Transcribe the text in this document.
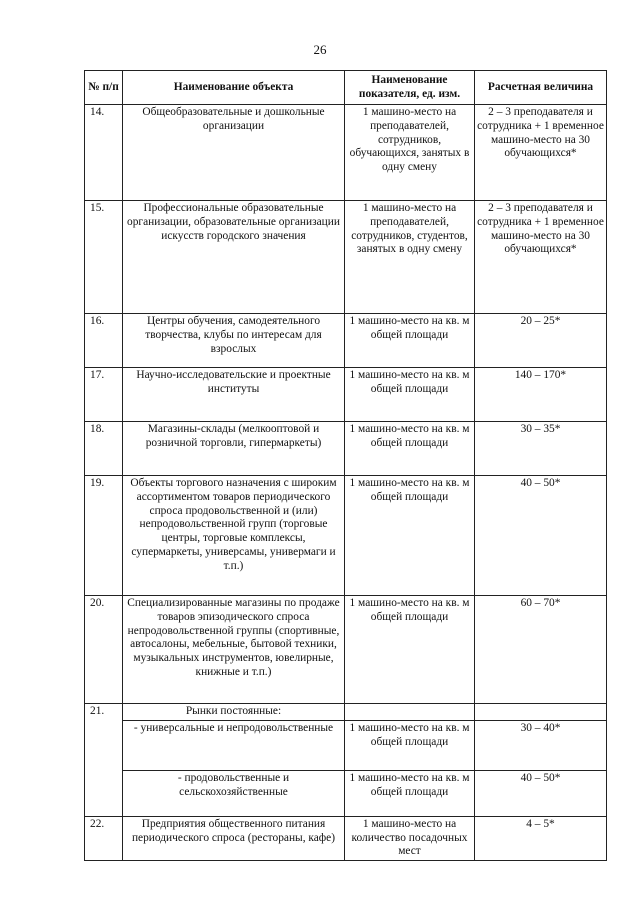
26
№ п/п	Наименование объекта	Наименование показателя, ед. изм.	Расчетная величина
14.	Общеобразовательные и дошкольные организации	1 машино-место на преподавателей, сотрудников, обучающихся, занятых в одну смену	2 – 3 преподавателя и сотрудника + 1 временное машино-место на 30 обучающихся*
15.	Профессиональные образовательные организации, образовательные организации искусств городского значения	1 машино-место на преподавателей, сотрудников, студентов, занятых в одну смену	2 – 3 преподавателя и сотрудника + 1 временное машино-место на 30 обучающихся*
16.	Центры обучения, самодеятельного творчества, клубы по интересам для взрослых	1 машино-место на кв. м общей площади	20 – 25*
17.	Научно-исследовательские и проектные институты	1 машино-место на кв. м общей площади	140 – 170*
18.	Магазины-склады (мелкооптовой и розничной торговли, гипермаркеты)	1 машино-место на кв. м общей площади	30 – 35*
19.	Объекты торгового назначения с широким ассортиментом товаров периодического спроса продовольственной и (или) непродовольственной групп (торговые центры, торговые комплексы, супермаркеты, универсамы, универмаги и т.п.)	1 машино-место на кв. м общей площади	40 – 50*
20.	Специализированные магазины по продаже товаров эпизодического спроса непродовольственной группы (спортивные, автосалоны, мебельные, бытовой техники, музыкальных инструментов, ювелирные, книжные и т.п.)	1 машино-место на кв. м общей площади	60 – 70*
21.	Рынки постоянные:		
	- универсальные и непродовольственные	1 машино-место на кв. м общей площади	30 – 40*
	- продовольственные и сельскохозяйственные	1 машино-место на кв. м общей площади	40 – 50*
22.	Предприятия общественного питания периодического спроса (рестораны, кафе)	1 машино-место на количество посадочных мест	4 – 5*
